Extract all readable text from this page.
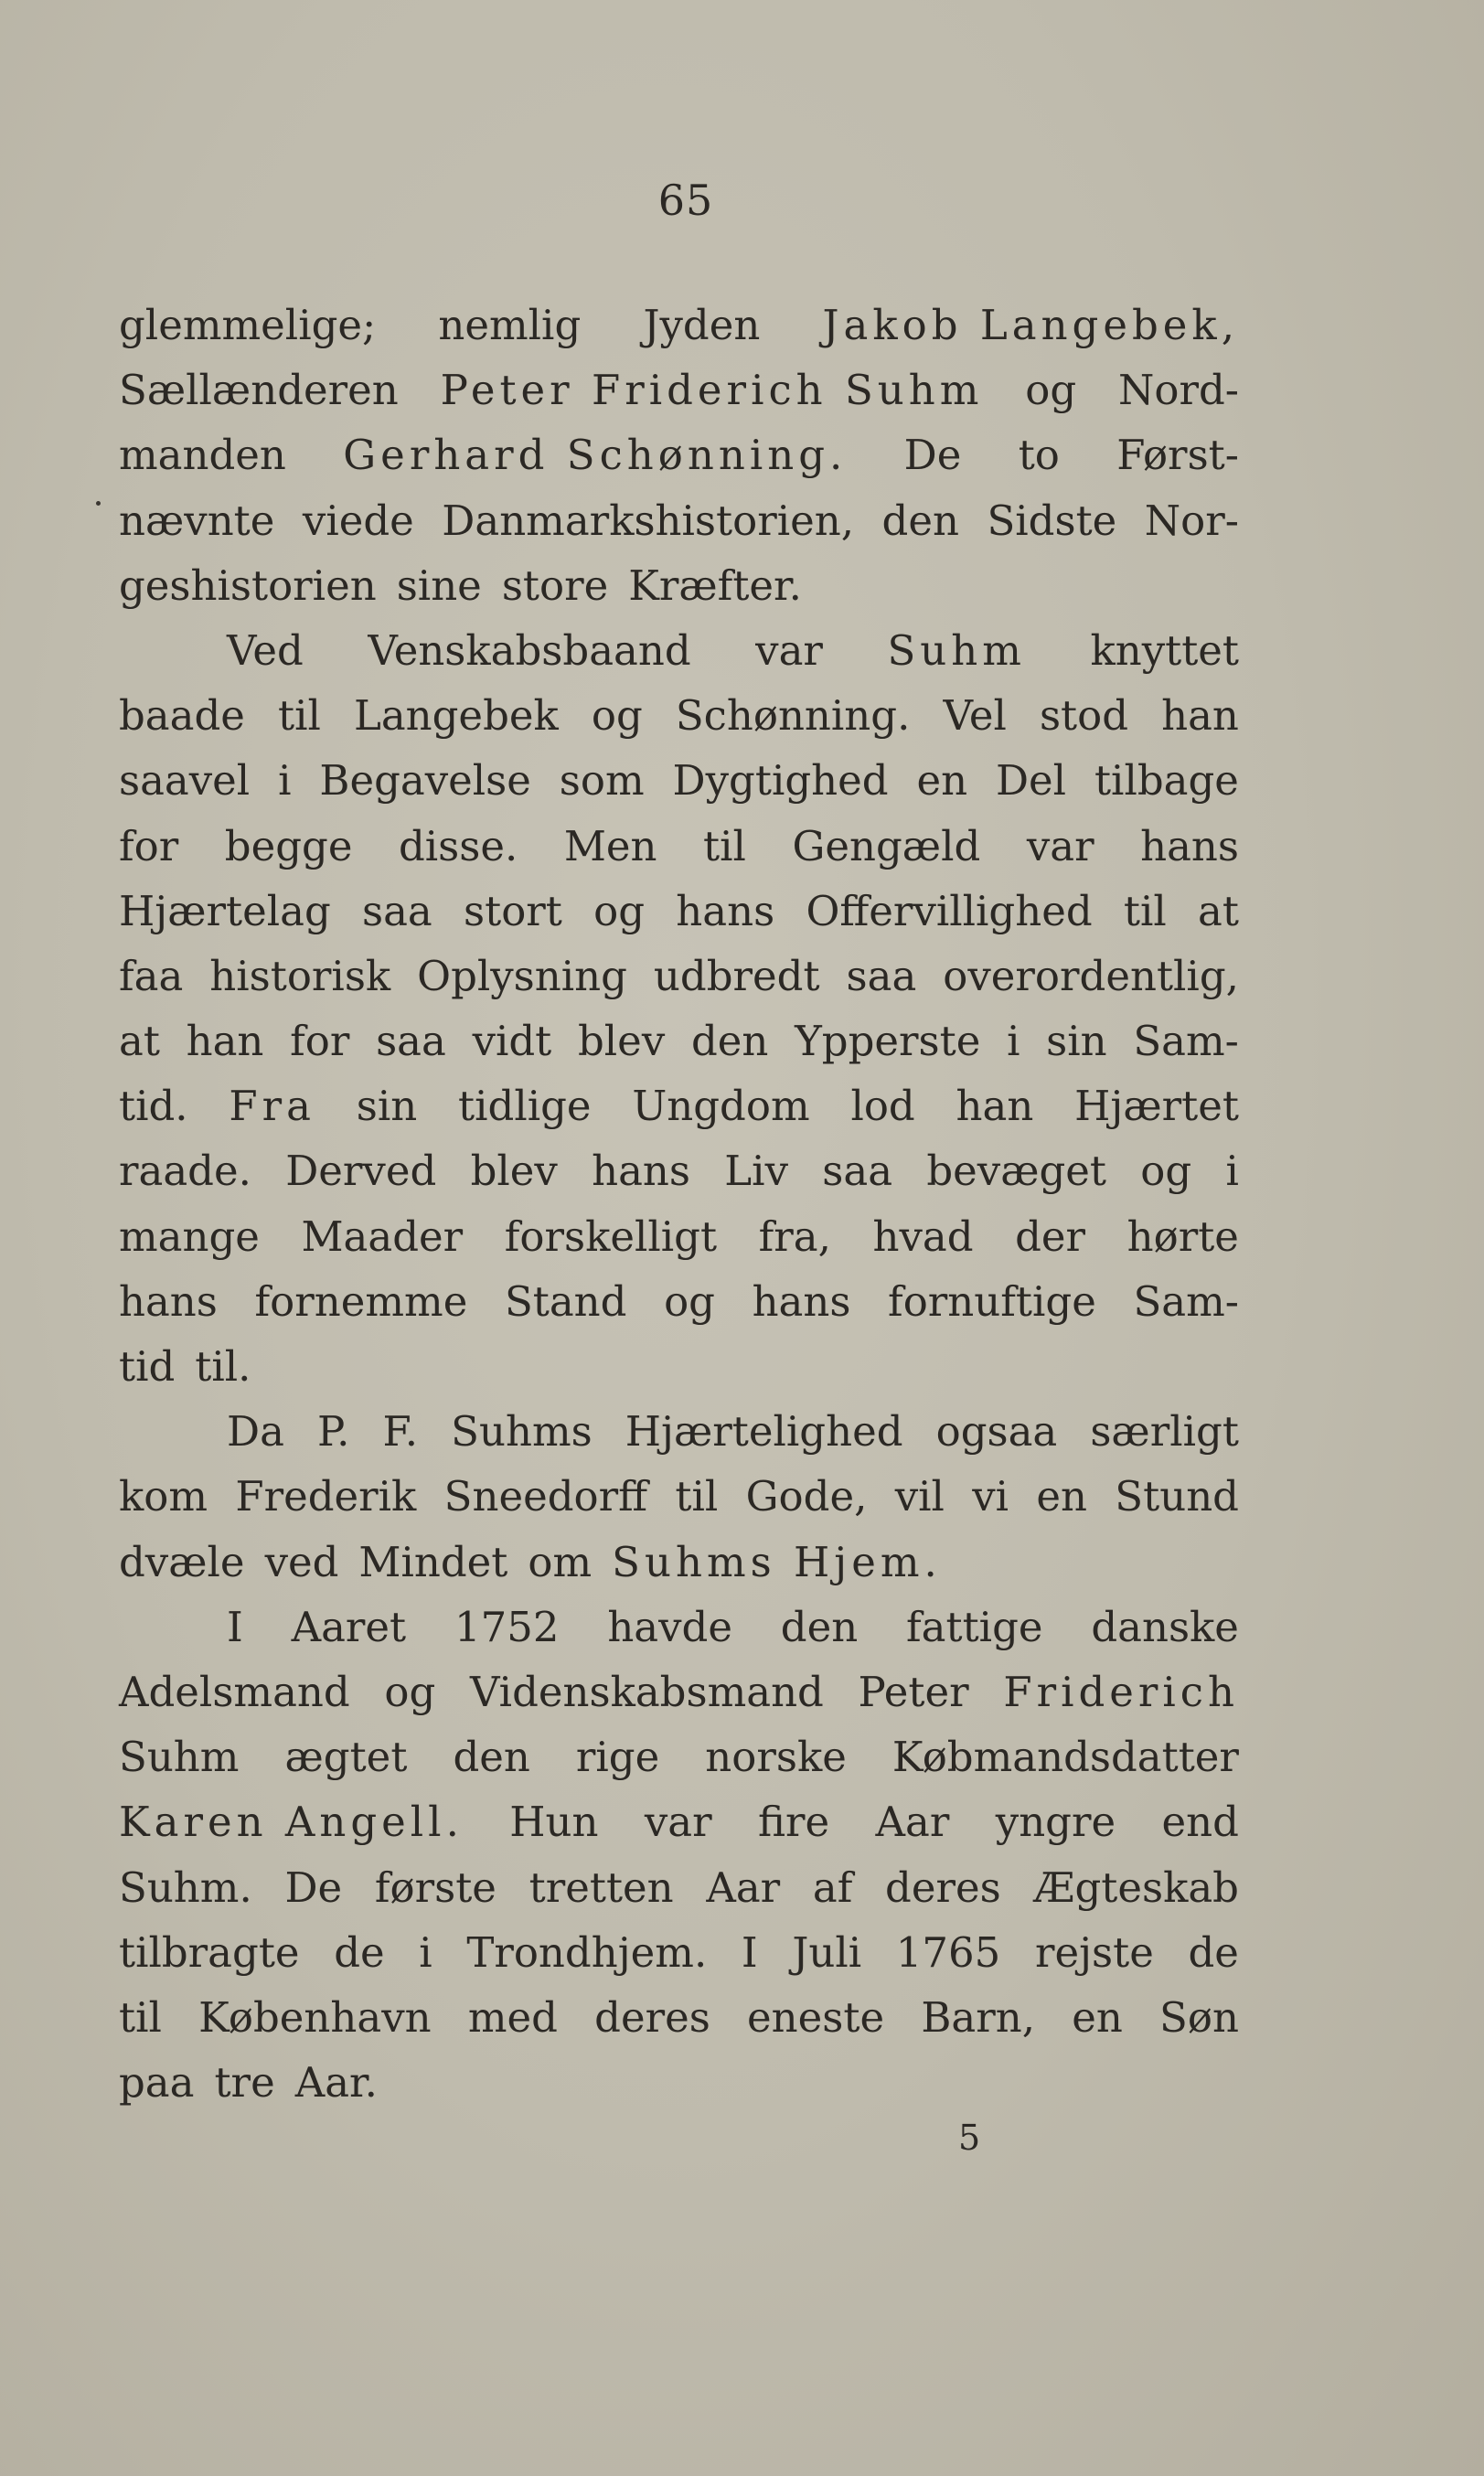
65
glemmelige; nemlig Jyden Jakob Langebek,
Sællænderen Peter Friderich Suhm og Nord-
manden Gerhard Schønning. De to Først-
nævnte viede Danmarkshistorien, den Sidste Nor-
geshistorien sine store Kræfter.
Ved Venskabsbaand var Suhm knyttet
baade til Langebek og Schønning. Vel stod han
saavel i Begavelse som Dygtighed en Del tilbage
for begge disse. Men til Gengæld var hans
Hjærtelag saa stort og hans Offervillighed til at
faa historisk Oplysning udbredt saa overordentlig,
at han for saa vidt blev den Ypperste i sin Sam-
tid. Fra sin tidlige Ungdom lod han Hjærtet
raade. Derved blev hans Liv saa bevæget og i
mange Maader forskelligt fra, hvad der hørte
hans fornemme Stand og hans fornuftige Sam-
tid til.
Da P. F. Suhms Hjærtelighed ogsaa særligt
kom Frederik Sneedorff til Gode, vil vi en Stund
dvæle ved Mindet om Suhms Hjem.
I Aaret 1752 havde den fattige danske
Adelsmand og Videnskabsmand Peter Friderich
Suhm ægtet den rige norske Købmandsdatter
Karen Angell. Hun var fire Aar yngre end
Suhm. De første tretten Aar af deres Ægteskab
tilbragte de i Trondhjem. I Juli 1765 rejste de
til København med deres eneste Barn, en Søn
paa tre Aar.
5
